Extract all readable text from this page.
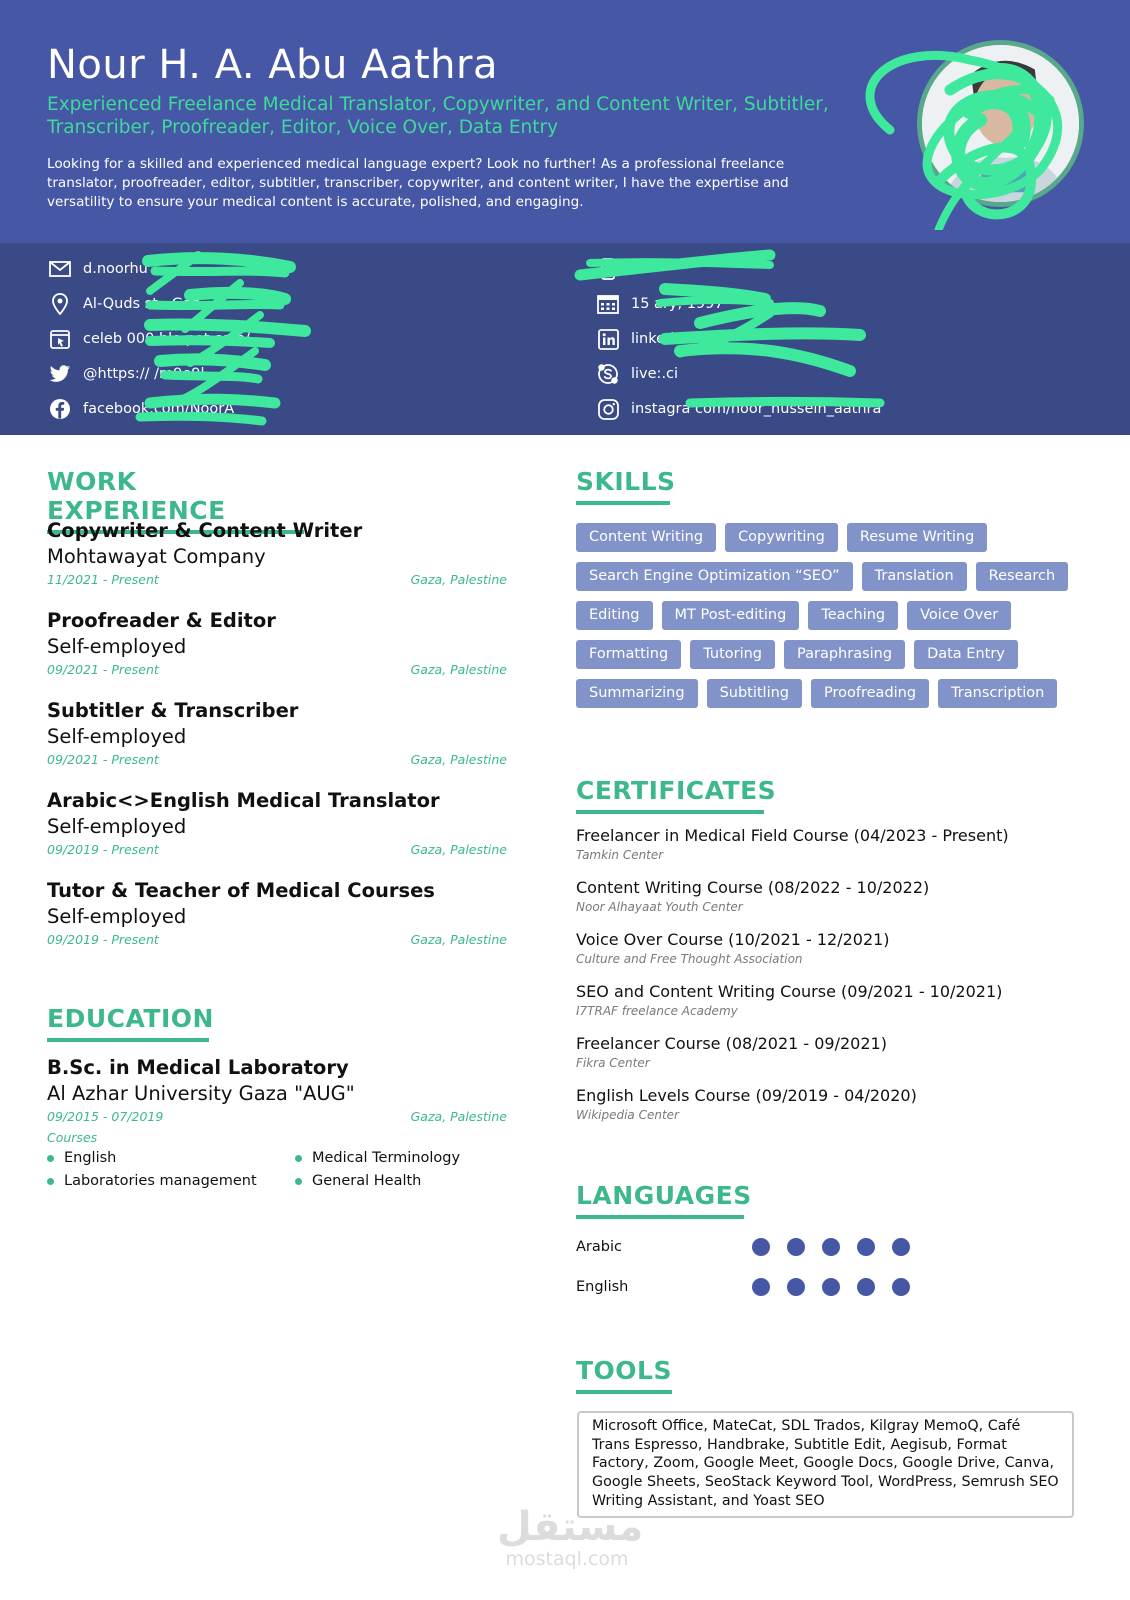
Nour H. A. Abu Aathra
Experienced Freelance Medical Translator, Copywriter, and Content Writer, Subtitler, Transcriber, Proofreader, Editor, Voice Over, Data Entry

Looking for a skilled and experienced medical language expert? Look no further! As a professional freelance translator, proofreader, editor, subtitler, transcriber, copywriter, and content writer, I have the expertise and versatility to ensure your medical content is accurate, polished, and engaging.

d.noorhu
Al-Quds st., Gaz
celeb 000.blo pot.com/
@https:// /m9e9l
facebook.com/NoorA
15 ary, 1997
linked om/in/
live:.ci
instagra com/noor_hussein_aathra
WORK EXPERIENCE
Copywriter & Content Writer
Mohtawayat Company
11/2021 - Present	Gaza, Palestine
Proofreader & Editor
Self-employed
09/2021 - Present	Gaza, Palestine
Subtitler & Transcriber
Self-employed
09/2021 - Present	Gaza, Palestine
Arabic<>English Medical Translator
Self-employed
09/2019 - Present	Gaza, Palestine
Tutor & Teacher of Medical Courses
Self-employed
09/2019 - Present	Gaza, Palestine
EDUCATION
B.Sc. in Medical Laboratory
Al Azhar University Gaza "AUG"
09/2015 - 07/2019	Gaza, Palestine
Courses
English	Medical Terminology
Laboratories management	General Health
SKILLS
Content Writing	Copywriting	Resume Writing
Search Engine Optimization “SEO”	Translation	Research
Editing	MT Post-editing	Teaching	Voice Over
Formatting	Tutoring	Paraphrasing	Data Entry
Summarizing	Subtitling	Proofreading	Transcription
CERTIFICATES
Freelancer in Medical Field Course (04/2023 - Present)
Tamkin Center
Content Writing Course (08/2022 - 10/2022)
Noor Alhayaat Youth Center
Voice Over Course (10/2021 - 12/2021)
Culture and Free Thought Association
SEO and Content Writing Course (09/2021 - 10/2021)
I7TRAF freelance Academy
Freelancer Course (08/2021 - 09/2021)
Fikra Center
English Levels Course (09/2019 - 04/2020)
Wikipedia Center
LANGUAGES
Arabic
English
TOOLS
Microsoft Office, MateCat, SDL Trados, Kilgray MemoQ, Café Trans Espresso, Handbrake, Subtitle Edit, Aegisub, Format Factory, Zoom, Google Meet, Google Docs, Google Drive, Canva, Google Sheets, SeoStack Keyword Tool, WordPress, Semrush SEO Writing Assistant, and Yoast SEO
مستقل
mostaql.com
